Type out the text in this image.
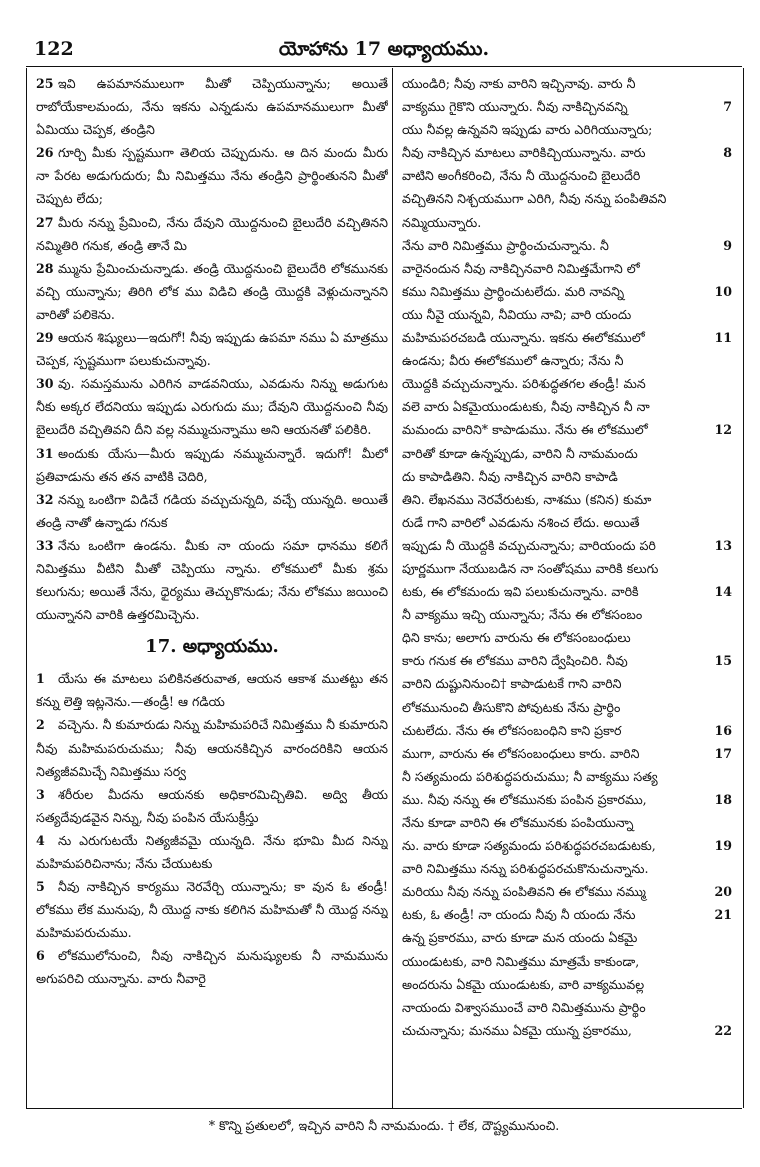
122	యోహాను 17 అధ్యాయము.
25 ఇవి ఉపమానములుగా మీతో చెప్పియున్నాను; అయితే రాబోయేకాలమందు, నేను ఇకను ఎన్నడును ఉపమానములుగా మీతో ఏమియు చెప్పక, తండ్రిని
26 గూర్చి మీకు స్పష్టముగా తెలియ చెప్పుదును. ఆ దిన మందు మీరు నా పేరట అడుగుదురు; మీ నిమిత్తము నేను తండ్రిని ప్రార్థింతునని మీతో చెప్పుట లేదు;
27 మీరు నన్ను ప్రేమించి, నేను దేవుని యొద్దనుంచి బైలుదేరి వచ్చితినని నమ్మితిరి గనుక, తండ్రి తానే మి
28 మ్మును ప్రేమించుచున్నాడు. తండ్రి యొద్దనుంచి బైలుదేరి లోకమునకు వచ్చి యున్నాను; తిరిగి లోక ము విడిచి తండ్రి యొద్దకి వెళ్లుచున్నానని వారితో పలికెను.
29 ఆయన శిష్యులు—ఇదుగో! నీవు ఇప్పుడు ఉపమా నము ఏ మాత్రము చెప్పక, స్పష్టముగా పలుకుచున్నావు.
30 వు. సమస్తమును ఎరిగిన వాడవనియు, ఎవడును నిన్ను అడుగుట నీకు అక్కర లేదనియు ఇప్పుడు ఎరుగుదు ము; దేవుని యొద్దనుంచి నీవు బైలుదేరి వచ్చితివని దీని వల్ల నమ్ముచున్నాము అని ఆయనతో పలికిరి.
31 అందుకు యేసు—మీరు ఇప్పుడు నమ్ముచున్నారే. ఇదుగో! మీలో ప్రతివాడును తన తన వాటికి చెదిరి,
32 నన్ను ఒంటిగా విడిచే గడియ వచ్చుచున్నది, వచ్చే యున్నది. అయితే తండ్రి నాతో ఉన్నాడు గనుక
33 నేను ఒంటిగా ఉండను. మీకు నా యందు సమా ధానము కలిగే నిమిత్తము వీటిని మీతో చెప్పియు న్నాను. లోకములో మీకు శ్రమ కలుగును; అయితే నేను, ధైర్యము తెచ్చుకొనుడు; నేను లోకము జయించి యున్నానని వారికి ఉత్తరమిచ్చెను.
17. అధ్యాయము.
1 యేసు ఈ మాటలు పలికినతరువాత, ఆయన ఆకాశ ముతట్టు తన కన్ను లెత్తి ఇట్లనెను.—తండ్రీ! ఆ గడియ
2 వచ్చెను. నీ కుమారుడు నిన్ను మహిమపరిచే నిమిత్తము నీ కుమారుని నీవు మహిమపరుచుము; నీవు ఆయనకిచ్చిన వారందరికిని ఆయన నిత్యజీవమిచ్చే నిమిత్తము సర్వ
3 శరీరుల మీదను ఆయనకు అధికారమిచ్చితివి. అద్వి తీయ సత్యదేవుడవైన నిన్ను, నీవు పంపిన యేసుక్రీస్తు
4 ను ఎరుగుటయే నిత్యజీవమై యున్నది. నేను భూమి మీద నిన్ను మహిమపరిచినాను; నేను చేయుటకు
5 నీవు నాకిచ్చిన కార్యము నెరవేర్చి యున్నాను; కా వున ఓ తండ్రీ! లోకము లేక మునుపు, నీ యొద్ద నాకు కలిగిన మహిమతో నీ యొద్ద నన్ను మహిమపరుచుము.
6 లోకములోనుంచి, నీవు నాకిచ్చిన మనుష్యులకు నీ నామమును అగుపరిచి యున్నాను. వారు నీవారై
యుండిరి; నీవు నాకు వారిని ఇచ్చినావు. వారు నీ
వాక్యము గైకొని యున్నారు. నీవు నాకిచ్చినవన్ని	7
యు నీవల్ల ఉన్నవని ఇప్పుడు వారు ఎరిగియున్నారు;
నీవు నాకిచ్చిన మాటలు వారికిచ్చియున్నాను. వారు	8
వాటిని అంగీకరించి, నేను నీ యొద్దనుంచి బైలుదేరి
వచ్చితినని నిశ్చయముగా ఎరిగి, నీవు నన్ను పంపితివని
నమ్మియున్నారు.
నేను వారి నిమిత్తము ప్రార్థించుచున్నాను. నీ	9
వారైనందున నీవు నాకిచ్చినవారి నిమిత్తమేగాని లో
కము నిమిత్తము ప్రార్థించుటలేదు. మరి నావన్ని	10
యు నీవై యున్నవి, నీవియు నావి; వారి యందు
మహిమపరచబడి యున్నాను. ఇకను ఈలోకములో	11
ఉండను; వీరు ఈలోకములో ఉన్నారు; నేను నీ
యొద్దకి వచ్చుచున్నాను. పరిశుద్ధతగల తండ్రీ! మన
వలె వారు ఏకమైయుండుటకు, నీవు నాకిచ్చిన నీ నా
మమందు వారిని* కాపాడుము. నేను ఈ లోకములో	12
వారితో కూడా ఉన్నప్పుడు, వారిని నీ నామమందు
దు కాపాడితిని. నీవు నాకిచ్చిన వారిని కాపాడి
తిని. లేఖనము నెరవేరుటకు, నాశము (కనిన) కుమా
రుడే గాని వారిలో ఎవడును నశించ లేదు. అయితే
ఇప్పుడు నీ యొద్దకి వచ్చుచున్నాను; వారియందు పరి	13
పూర్ణముగా నేయుబడిన నా సంతోషము వారికి కలుగు
టకు, ఈ లోకమందు ఇవి పలుకుచున్నాను. వారికి	14
నీ వాక్యము ఇచ్చి యున్నాను; నేను ఈ లోకసంబం
ధిని కాను; అలాగు వారును ఈ లోకసంబంధులు
కారు గనుక ఈ లోకము వారిని ద్వేషించిరి. నీవు	15
వారిని దుష్టునినుంచి† కాపాడుటకే గాని వారిని
లోకమునుంచి తీసుకొని పోవుటకు నేను ప్రార్థిం
చుటలేదు. నేను ఈ లోకసంబంధిని కాని ప్రకార	16
ముగా, వారును ఈ లోకసంబంధులు కారు. వారిని	17
నీ సత్యమందు పరిశుద్ధపరుచుము; నీ వాక్యము సత్య
ము. నీవు నన్ను ఈ లోకమునకు పంపిన ప్రకారము,	18
నేను కూడా వారిని ఈ లోకమునకు పంపియున్నా
ను. వారు కూడా సత్యమందు పరిశుద్ధపరచబడుటకు,	19
వారి నిమిత్తము నన్ను పరిశుద్ధపరచుకొనుచున్నాను.
మరియు నీవు నన్ను పంపితివని ఈ లోకము నమ్ము	20
టకు, ఓ తండ్రీ! నా యందు నీవు నీ యందు నేను	21
ఉన్న ప్రకారము, వారు కూడా మన యందు ఏకమై
యుండుటకు, వారి నిమిత్తము మాత్రమే కాకుండా,
అందరును ఏకమై యుండుటకు, వారి వాక్యమువల్ల
నాయందు విశ్వాసముంచే వారి నిమిత్తమును ప్రార్థిం
చుచున్నాను; మనము ఏకమై యున్న ప్రకారము,	22
* కొన్ని ప్రతులలో, ఇచ్చిన వారిని నీ నామమందు. † లేక, దౌష్ట్యమునుంచి.
